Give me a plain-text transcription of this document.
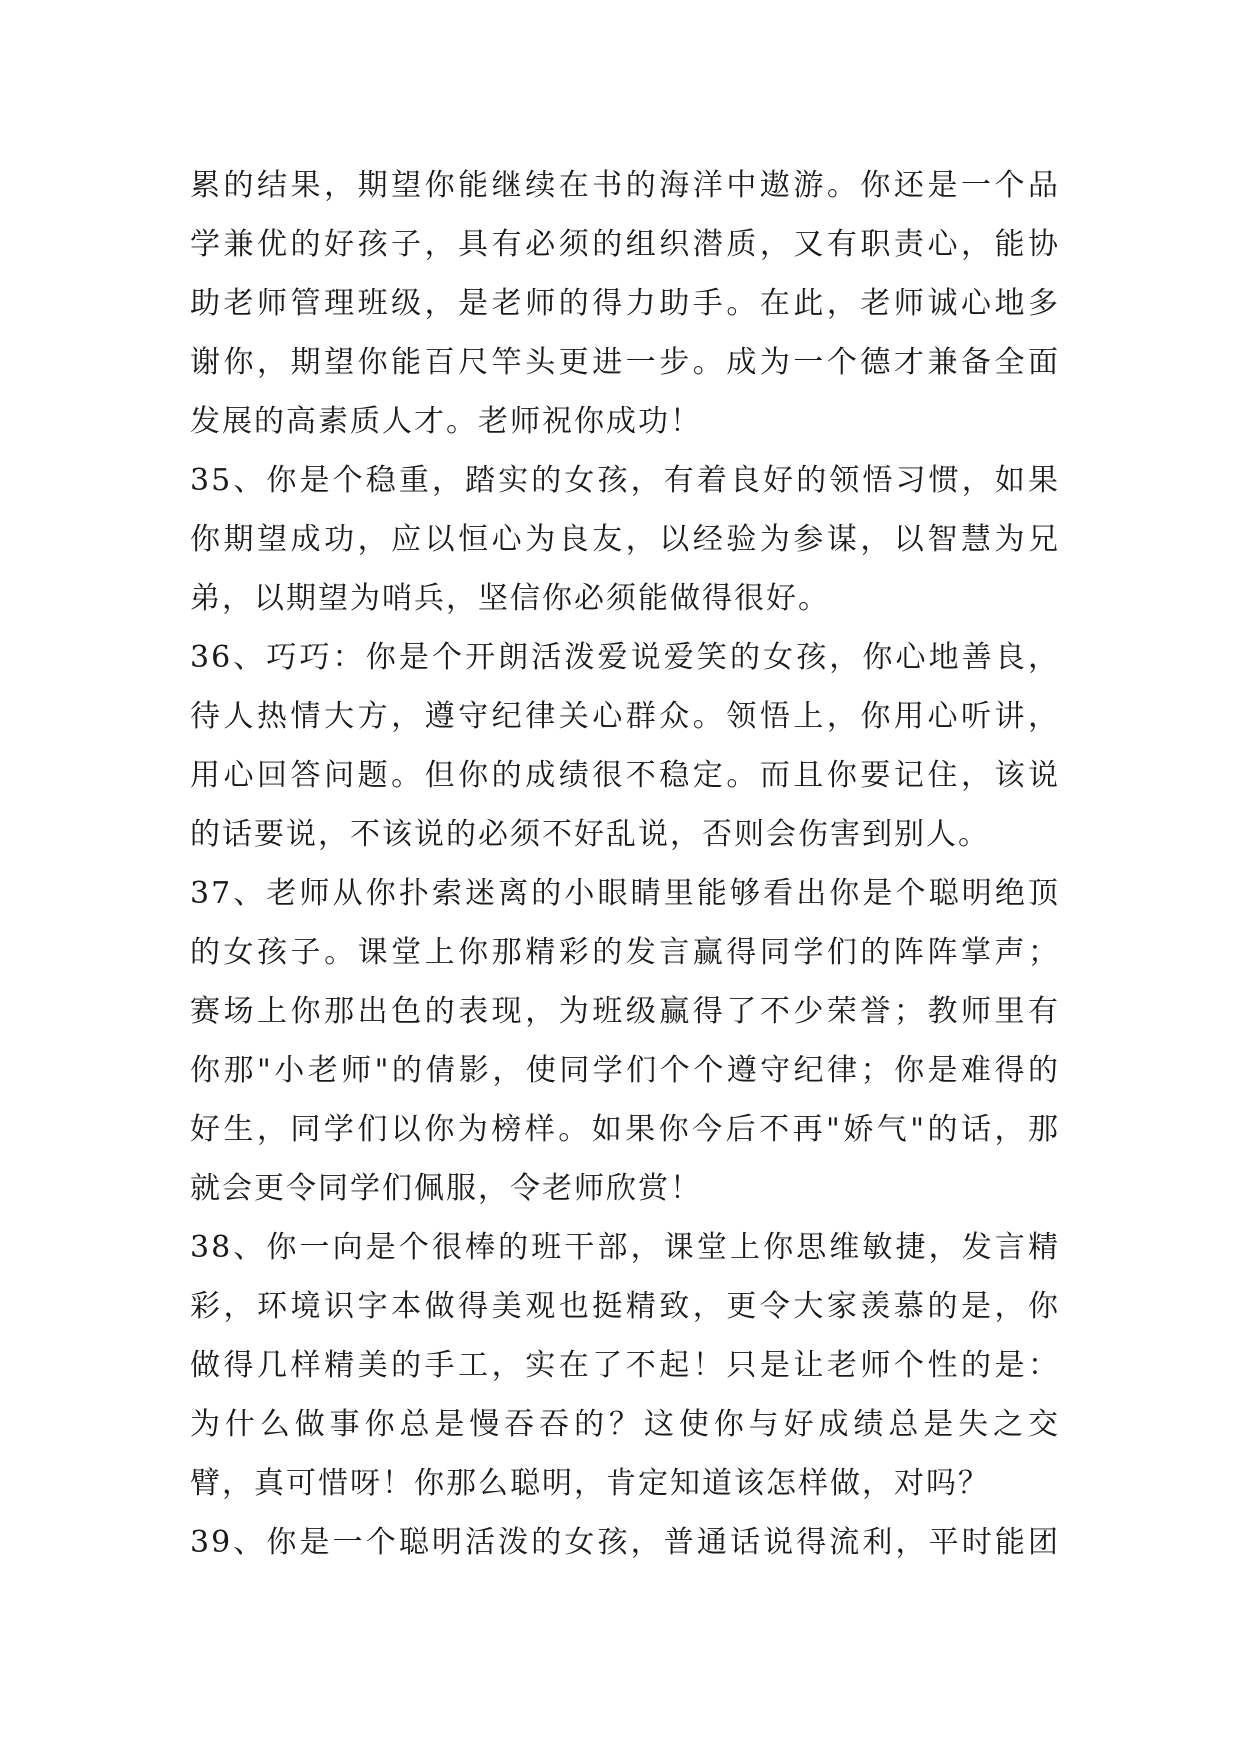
累的结果，期望你能继续在书的海洋中遨游。你还是一个品
学兼优的好孩子，具有必须的组织潜质，又有职责心，能协
助老师管理班级，是老师的得力助手。在此，老师诚心地多
谢你，期望你能百尺竿头更进一步。成为一个德才兼备全面
发展的高素质人才。老师祝你成功！
35、你是个稳重，踏实的女孩，有着良好的领悟习惯，如果
你期望成功，应以恒心为良友，以经验为参谋，以智慧为兄
弟，以期望为哨兵，坚信你必须能做得很好。
36、巧巧：你是个开朗活泼爱说爱笑的女孩，你心地善良，
待人热情大方，遵守纪律关心群众。领悟上，你用心听讲，
用心回答问题。但你的成绩很不稳定。而且你要记住，该说
的话要说，不该说的必须不好乱说，否则会伤害到别人。
37、老师从你扑索迷离的小眼睛里能够看出你是个聪明绝顶
的女孩子。课堂上你那精彩的发言赢得同学们的阵阵掌声；
赛场上你那出色的表现，为班级赢得了不少荣誉；教师里有
你那"小老师"的倩影，使同学们个个遵守纪律；你是难得的
好生，同学们以你为榜样。如果你今后不再"娇气"的话，那
就会更令同学们佩服，令老师欣赏！
38、你一向是个很棒的班干部，课堂上你思维敏捷，发言精
彩，环境识字本做得美观也挺精致，更令大家羡慕的是，你
做得几样精美的手工，实在了不起！只是让老师个性的是：
为什么做事你总是慢吞吞的？这使你与好成绩总是失之交
臂，真可惜呀！你那么聪明，肯定知道该怎样做，对吗？
39、你是一个聪明活泼的女孩，普通话说得流利，平时能团
